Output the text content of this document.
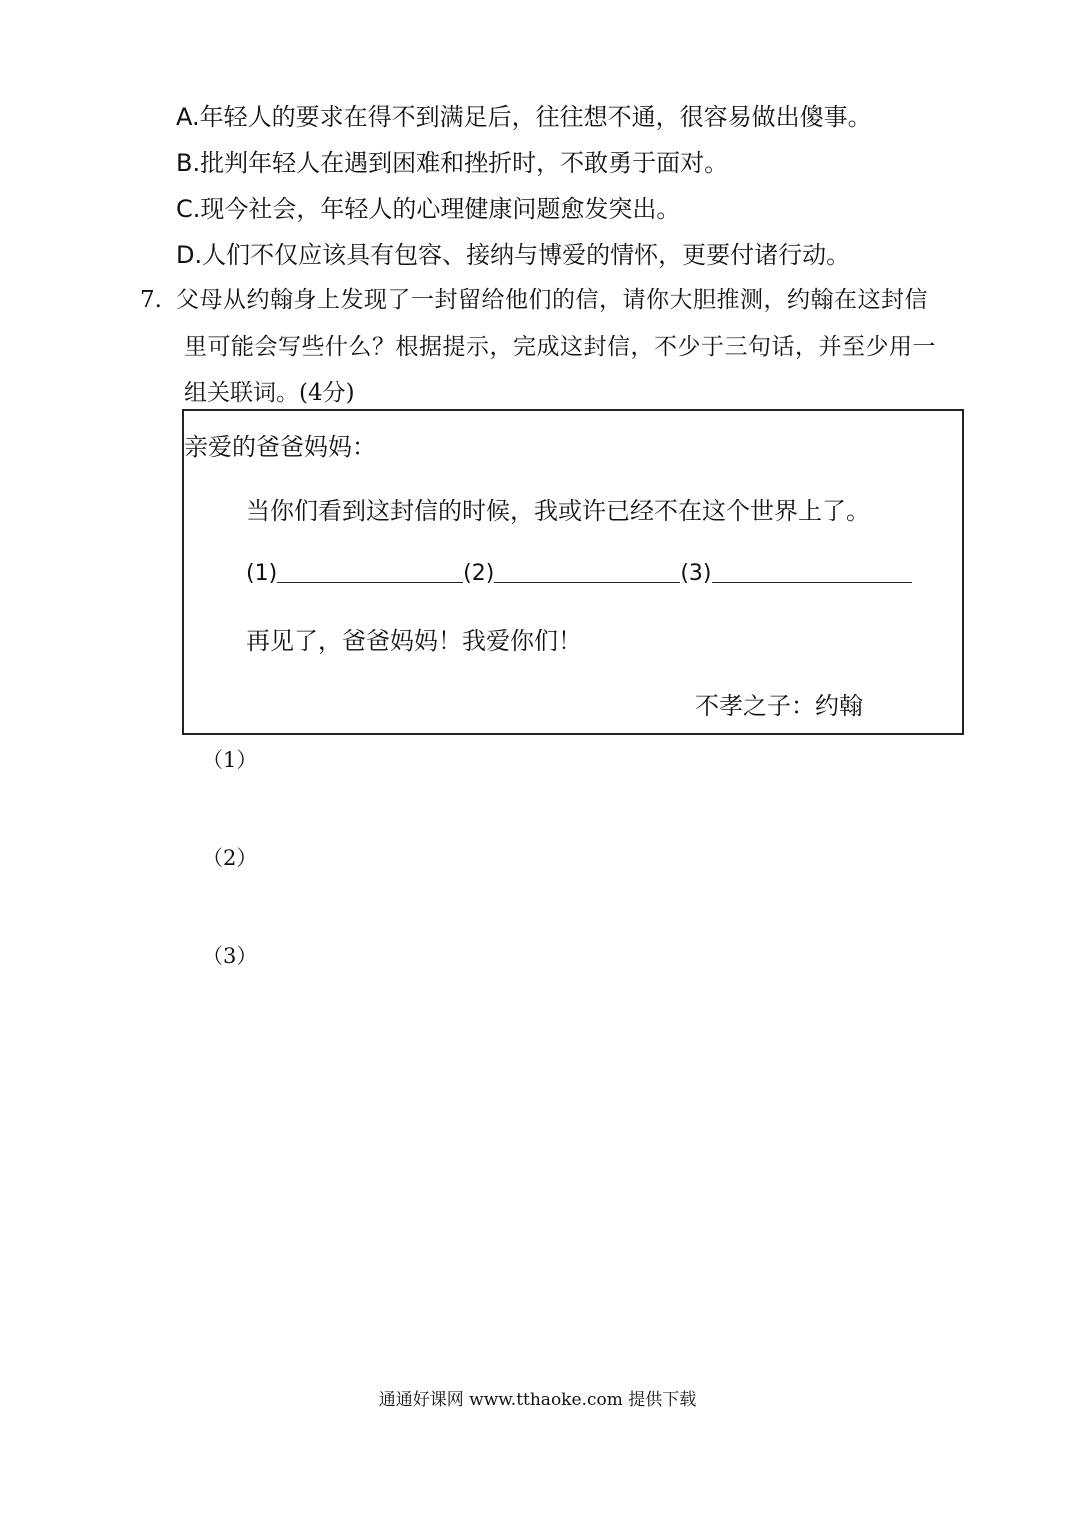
A.年轻人的要求在得不到满足后，往往想不通，很容易做出傻事。
B.批判年轻人在遇到困难和挫折时，不敢勇于面对。
C.现今社会，年轻人的心理健康问题愈发突出。
D.人们不仅应该具有包容、接纳与博爱的情怀，更要付诸行动。
7. 父母从约翰身上发现了一封留给他们的信，请你大胆推测，约翰在这封信
里可能会写些什么？根据提示，完成这封信，不少于三句话，并至少用一
组关联词。(4分)
亲爱的爸爸妈妈：
当你们看到这封信的时候，我或许已经不在这个世界上了。
(1)	(2)	(3)
再见了，爸爸妈妈！我爱你们！
不孝之子：约翰
（1）
（2）
（3）
通通好课网 www.tthaoke.com 提供下载
